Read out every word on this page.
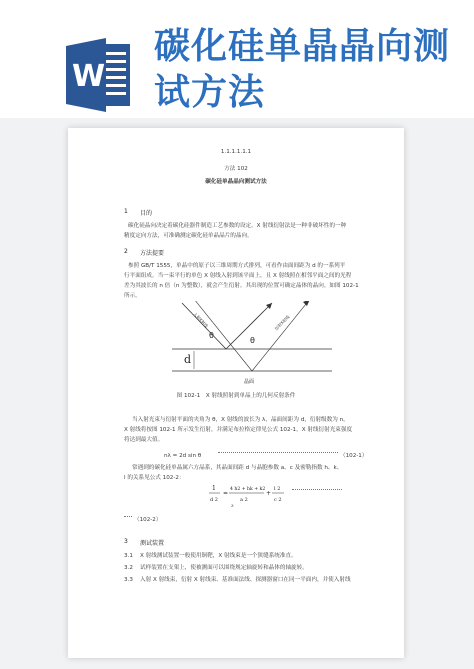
W
碳化硅单晶晶向测试方法
1.1.1.1.1.1
方法 102
碳化硅单晶晶向测试方法
1 目的
碳化硅晶向决定着碳化硅器件制造工艺参数的设定。X 射线衍射法是一种非破坏性的一种
精度定向方法，可准确测定碳化硅单晶晶片的晶向。
2 方法提要
参照 GB/T 1555，单晶中的原子以三维周期方式排列，可看作由面间距为 d 的一系列平
行平面组成。当一束平行的单色 X 射线入射到该平面上，且 X 射线照在相邻平面之间的光程
差为其波长的 n 倍（n 为整数），就会产生衍射。其出现的位置可确定晶体的晶向。如图 102-1
所示。
d
θ
θ
入射X射线	衍射X射线
晶面
图 102-1　X 射线照射到单晶上的几何反射条件
当入射光束与衍射平面的夹角为 θ，X 射线的波长为 λ，晶面间距为 d，衍射级数为 n，
X 射线将按图 102-1 所示发生衍射，并满足布拉格定律见公式 102-1，X 射线衍射光束强度
将达到最大值。
nλ = 2d sin θ	（102-1）
常遇到的碳化硅单晶属六方晶系，其晶面间距 d 与晶胞参数 a、c 及密勒指数 h、k、
l 的关系见公式 102-2：
1
d 2
=
4 h2 + hk + k2
a 2
+
l 2
c 2
3
（102-2）
3 测试装置
3.1 X 射线测试装置一般使用铜靶，X 射线束是一个狭缝系统准直。
3.2 试样装置在支架上，使被测面可以围绕规定轴旋转和晶体的轴旋转。
3.3 入射 X 射线束，衍射 X 射线束、基准面法线、探测器窗口在同一平面内，并使入射线
